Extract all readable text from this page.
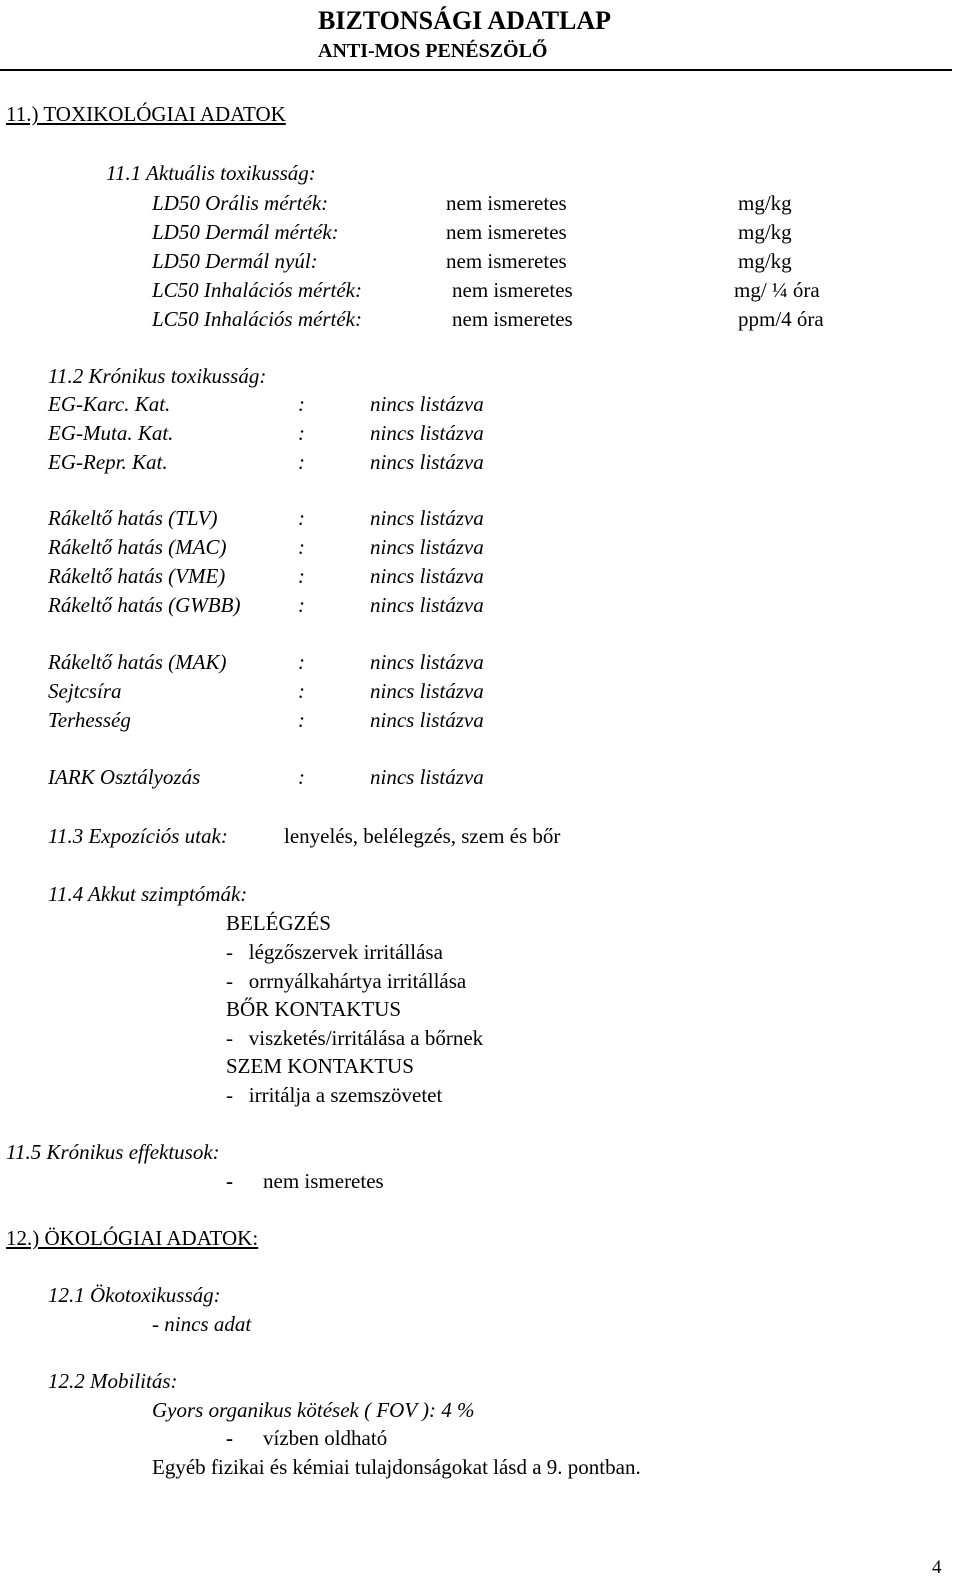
BIZTONSÁGI ADATLAP
ANTI-MOS PENÉSZÖLŐ
11.) TOXIKOLÓGIAI ADATOK
11.1 Aktuális toxikusság:
LD50 Orális mérték:	nem ismeretes	mg/kg
LD50 Dermál mérték:	nem ismeretes	mg/kg
LD50 Dermál nyúl:	nem ismeretes	mg/kg
LC50 Inhalációs mérték:	nem ismeretes	mg/ ¼ óra
LC50 Inhalációs mérték:	nem ismeretes	ppm/4 óra
11.2 Krónikus toxikusság:
EG-Karc. Kat.	:	nincs listázva
EG-Muta. Kat.	:	nincs listázva
EG-Repr. Kat.	:	nincs listázva
Rákeltő hatás (TLV)	:	nincs listázva
Rákeltő hatás (MAC)	:	nincs listázva
Rákeltő hatás (VME)	:	nincs listázva
Rákeltő hatás (GWBB)	:	nincs listázva
Rákeltő hatás (MAK)	:	nincs listázva
Sejtcsíra	:	nincs listázva
Terhesség	:	nincs listázva
IARK Osztályozás	:	nincs listázva
11.3 Expozíciós utak:	lenyelés, belélegzés, szem és bőr
11.4 Akkut szimptómák:
BELÉGZÉS
-   légzőszervek irritállása
-   orrnyálkahártya irritállása
BŐR KONTAKTUS
-   viszketés/irritálása a bőrnek
SZEM KONTAKTUS
-   irritálja a szemszövetet
11.5 Krónikus effektusok:
- nem ismeretes
12.) ÖKOLÓGIAI ADATOK:
12.1 Ökotoxikusság:
- nincs adat
12.2 Mobilitás:
Gyors organikus kötések ( FOV ): 4 %
- vízben oldható
Egyéb fizikai és kémiai tulajdonságokat lásd a 9. pontban.
4
